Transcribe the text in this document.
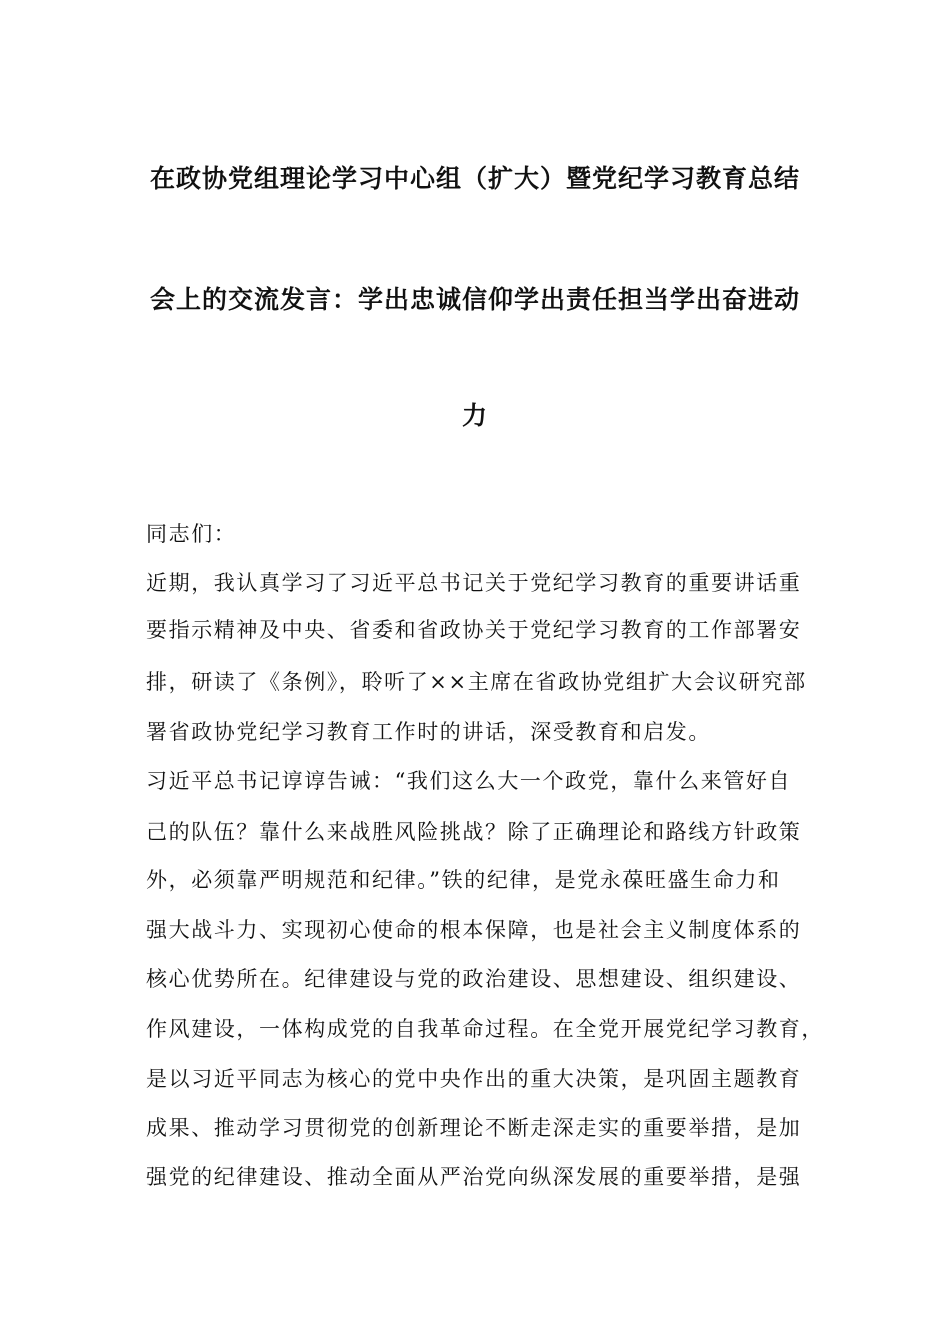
在政协党组理论学习中心组（扩大）暨党纪学习教育总结
会上的交流发言：学出忠诚信仰学出责任担当学出奋进动
力
同志们：
近期，我认真学习了习近平总书记关于党纪学习教育的重要讲话重
要指示精神及中央、省委和省政协关于党纪学习教育的工作部署安
排，研读了《条例》，聆听了××主席在省政协党组扩大会议研究部
署省政协党纪学习教育工作时的讲话，深受教育和启发。
习近平总书记谆谆告诫：“我们这么大一个政党，靠什么来管好自
己的队伍？靠什么来战胜风险挑战？除了正确理论和路线方针政策
外，必须靠严明规范和纪律。”铁的纪律，是党永葆旺盛生命力和
强大战斗力、实现初心使命的根本保障，也是社会主义制度体系的
核心优势所在。纪律建设与党的政治建设、思想建设、组织建设、
作风建设，一体构成党的自我革命过程。在全党开展党纪学习教育，
是以习近平同志为核心的党中央作出的重大决策，是巩固主题教育
成果、推动学习贯彻党的创新理论不断走深走实的重要举措，是加
强党的纪律建设、推动全面从严治党向纵深发展的重要举措，是强
